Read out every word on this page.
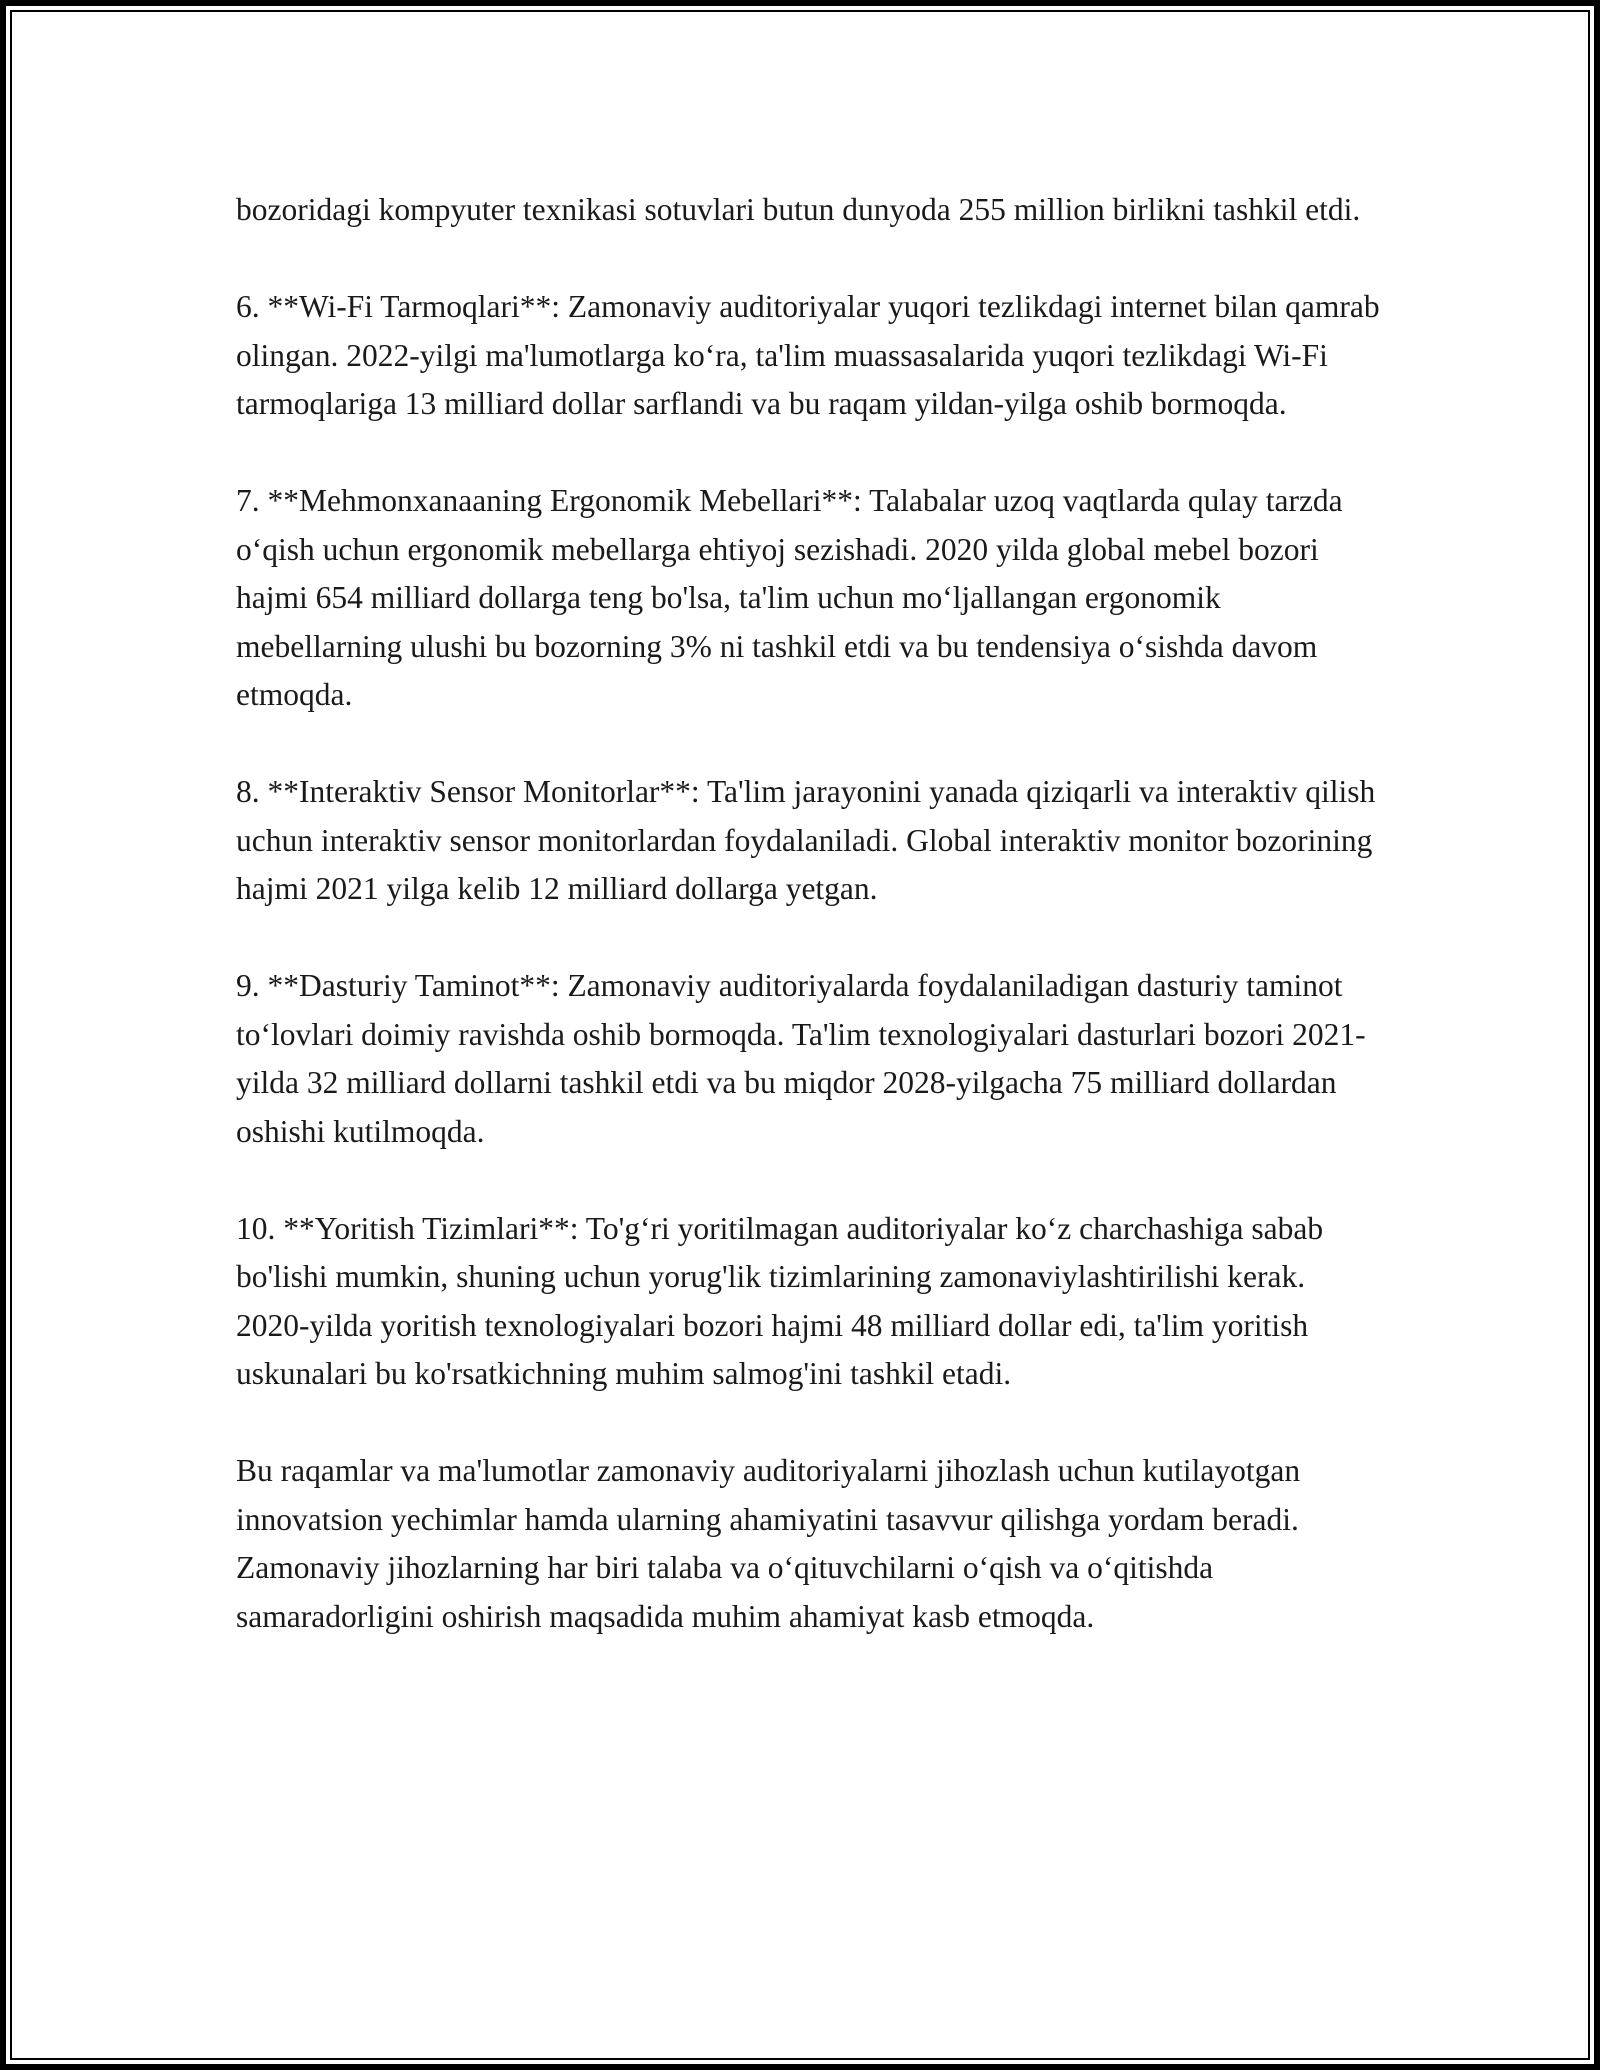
bozoridagi kompyuter texnikasi sotuvlari butun dunyoda 255 million birlikni tashkil etdi.

6. **Wi-Fi Tarmoqlari**: Zamonaviy auditoriyalar yuqori tezlikdagi internet bilan qamrab olingan. 2022-yilgi ma'lumotlarga ko‘ra, ta'lim muassasalarida yuqori tezlikdagi Wi-Fi tarmoqlariga 13 milliard dollar sarflandi va bu raqam yildan-yilga oshib bormoqda.

7. **Mehmonxanaaning Ergonomik Mebellari**: Talabalar uzoq vaqtlarda qulay tarzda o‘qish uchun ergonomik mebellarga ehtiyoj sezishadi. 2020 yilda global mebel bozori hajmi 654 milliard dollarga teng bo'lsa, ta'lim uchun mo‘ljallangan ergonomik mebellarning ulushi bu bozorning 3% ni tashkil etdi va bu tendensiya o‘sishda davom etmoqda.

8. **Interaktiv Sensor Monitorlar**: Ta'lim jarayonini yanada qiziqarli va interaktiv qilish uchun interaktiv sensor monitorlardan foydalaniladi. Global interaktiv monitor bozorining hajmi 2021 yilga kelib 12 milliard dollarga yetgan.

9. **Dasturiy Taminot**: Zamonaviy auditoriyalarda foydalaniladigan dasturiy taminot to‘lovlari doimiy ravishda oshib bormoqda. Ta'lim texnologiyalari dasturlari bozori 2021-yilda 32 milliard dollarni tashkil etdi va bu miqdor 2028-yilgacha 75 milliard dollardan oshishi kutilmoqda.

10. **Yoritish Tizimlari**: To'g‘ri yoritilmagan auditoriyalar ko‘z charchashiga sabab bo'lishi mumkin, shuning uchun yorug'lik tizimlarining zamonaviylashtirilishi kerak. 2020-yilda yoritish texnologiyalari bozori hajmi 48 milliard dollar edi, ta'lim yoritish uskunalari bu ko'rsatkichning muhim salmog'ini tashkil etadi.

Bu raqamlar va ma'lumotlar zamonaviy auditoriyalarni jihozlash uchun kutilayotgan innovatsion yechimlar hamda ularning ahamiyatini tasavvur qilishga yordam beradi. Zamonaviy jihozlarning har biri talaba va o‘qituvchilarni o‘qish va o‘qitishda samaradorligini oshirish maqsadida muhim ahamiyat kasb etmoqda.
